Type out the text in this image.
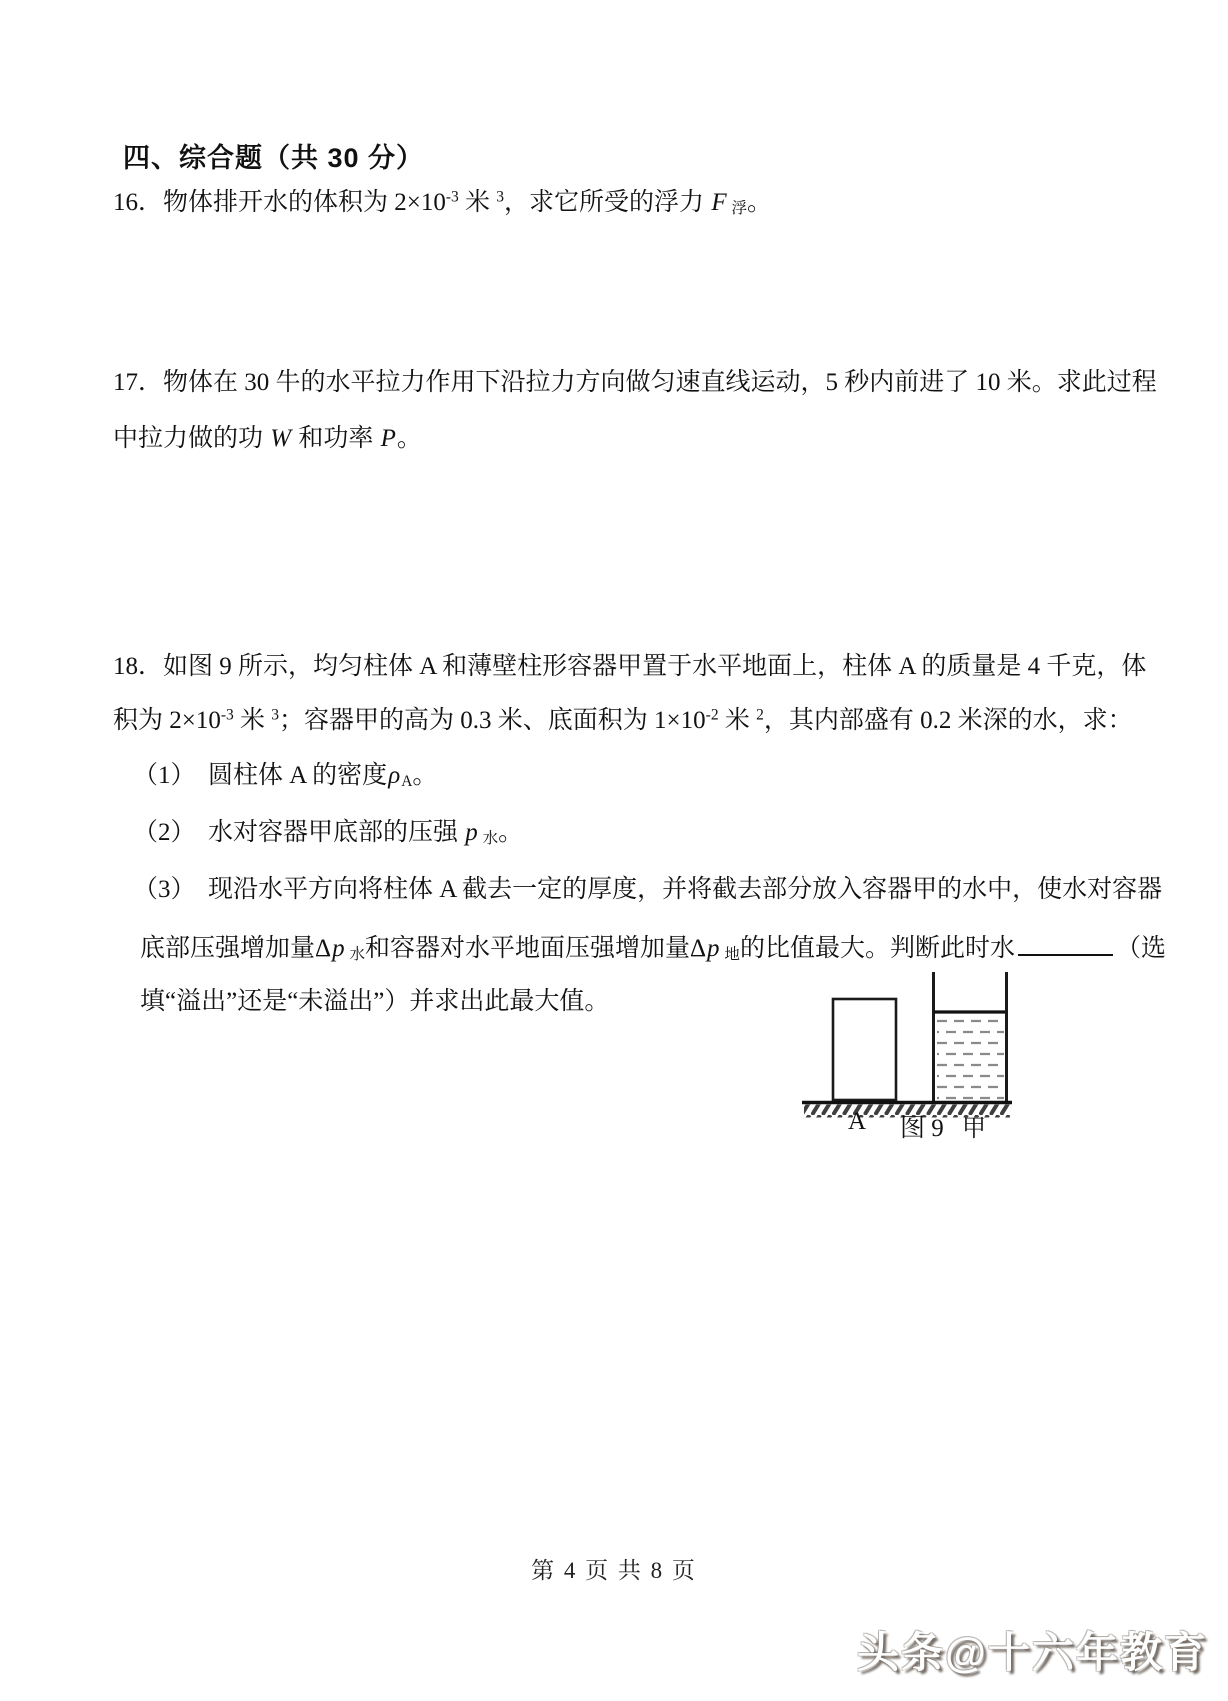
四、综合题（共 30 分）
16．物体排开水的体积为 $2\times 10^{-3}$ 米 $^3$，求它所受的浮力 F 浮。
17．物体在 30 牛的水平拉力作用下沿拉力方向做匀速直线运动，5 秒内前进了 10 米。求此过程
中拉力做的功 W 和功率 P。
18．如图 9 所示，均匀柱体 A 和薄壁柱形容器甲置于水平地面上，柱体 A 的质量是 4 千克，体
积为 $2\times 10^{-3}$ 米 $^3$；容器甲的高为 0.3 米、底面积为 $1\times 10^{-2}$ 米 $^2$，其内部盛有 0.2 米深的水，求：
（1）　圆柱体 A 的密度ρA。
（2）　水对容器甲底部的压强 p 水。
（3）　现沿水平方向将柱体 A 截去一定的厚度，并将截去部分放入容器甲的水中，使水对容器
底部压强增加量Δp 水和容器对水平地面压强增加量Δp 地的比值最大。判断此时水	（选
填“溢出”还是“未溢出”）并求出此最大值。
A 图 9 甲
第 4 页 共 8 页
头条@十六年教育
